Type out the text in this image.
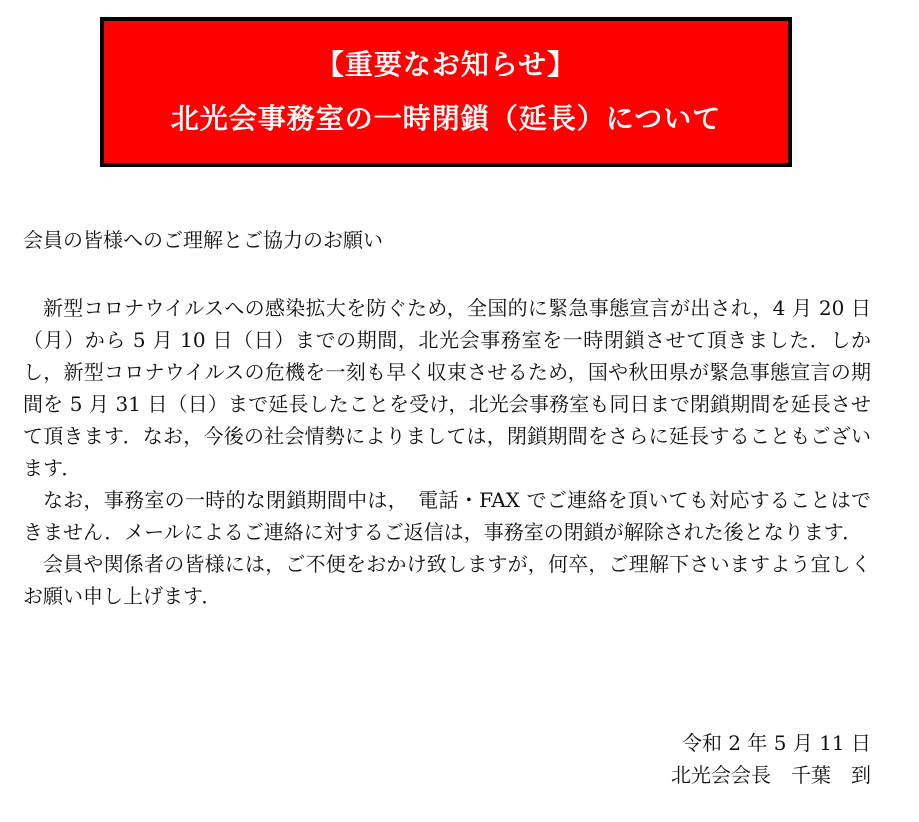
【重要なお知らせ】
北光会事務室の一時閉鎖（延長）について
会員の皆様へのご理解とご協力のお願い

新型コロナウイルスへの感染拡大を防ぐため，全国的に緊急事態宣言が出され，4 月 20 日（月）から 5 月 10 日（日）までの期間，北光会事務室を一時閉鎖させて頂きました．しかし，新型コロナウイルスの危機を一刻も早く収束させるため，国や秋田県が緊急事態宣言の期間を 5 月 31 日（日）まで延長したことを受け，北光会事務室も同日まで閉鎖期間を延長させて頂きます．なお，今後の社会情勢によりましては，閉鎖期間をさらに延長することもございます．

なお，事務室の一時的な閉鎖期間中は，　電話・FAX でご連絡を頂いても対応することはできません．メールによるご連絡に対するご返信は，事務室の閉鎖が解除された後となります．

会員や関係者の皆様には，ご不便をおかけ致しますが，何卒，ご理解下さいますよう宜しくお願い申し上げます．

令和 2 年 5 月 11 日
北光会会長　千葉　到
